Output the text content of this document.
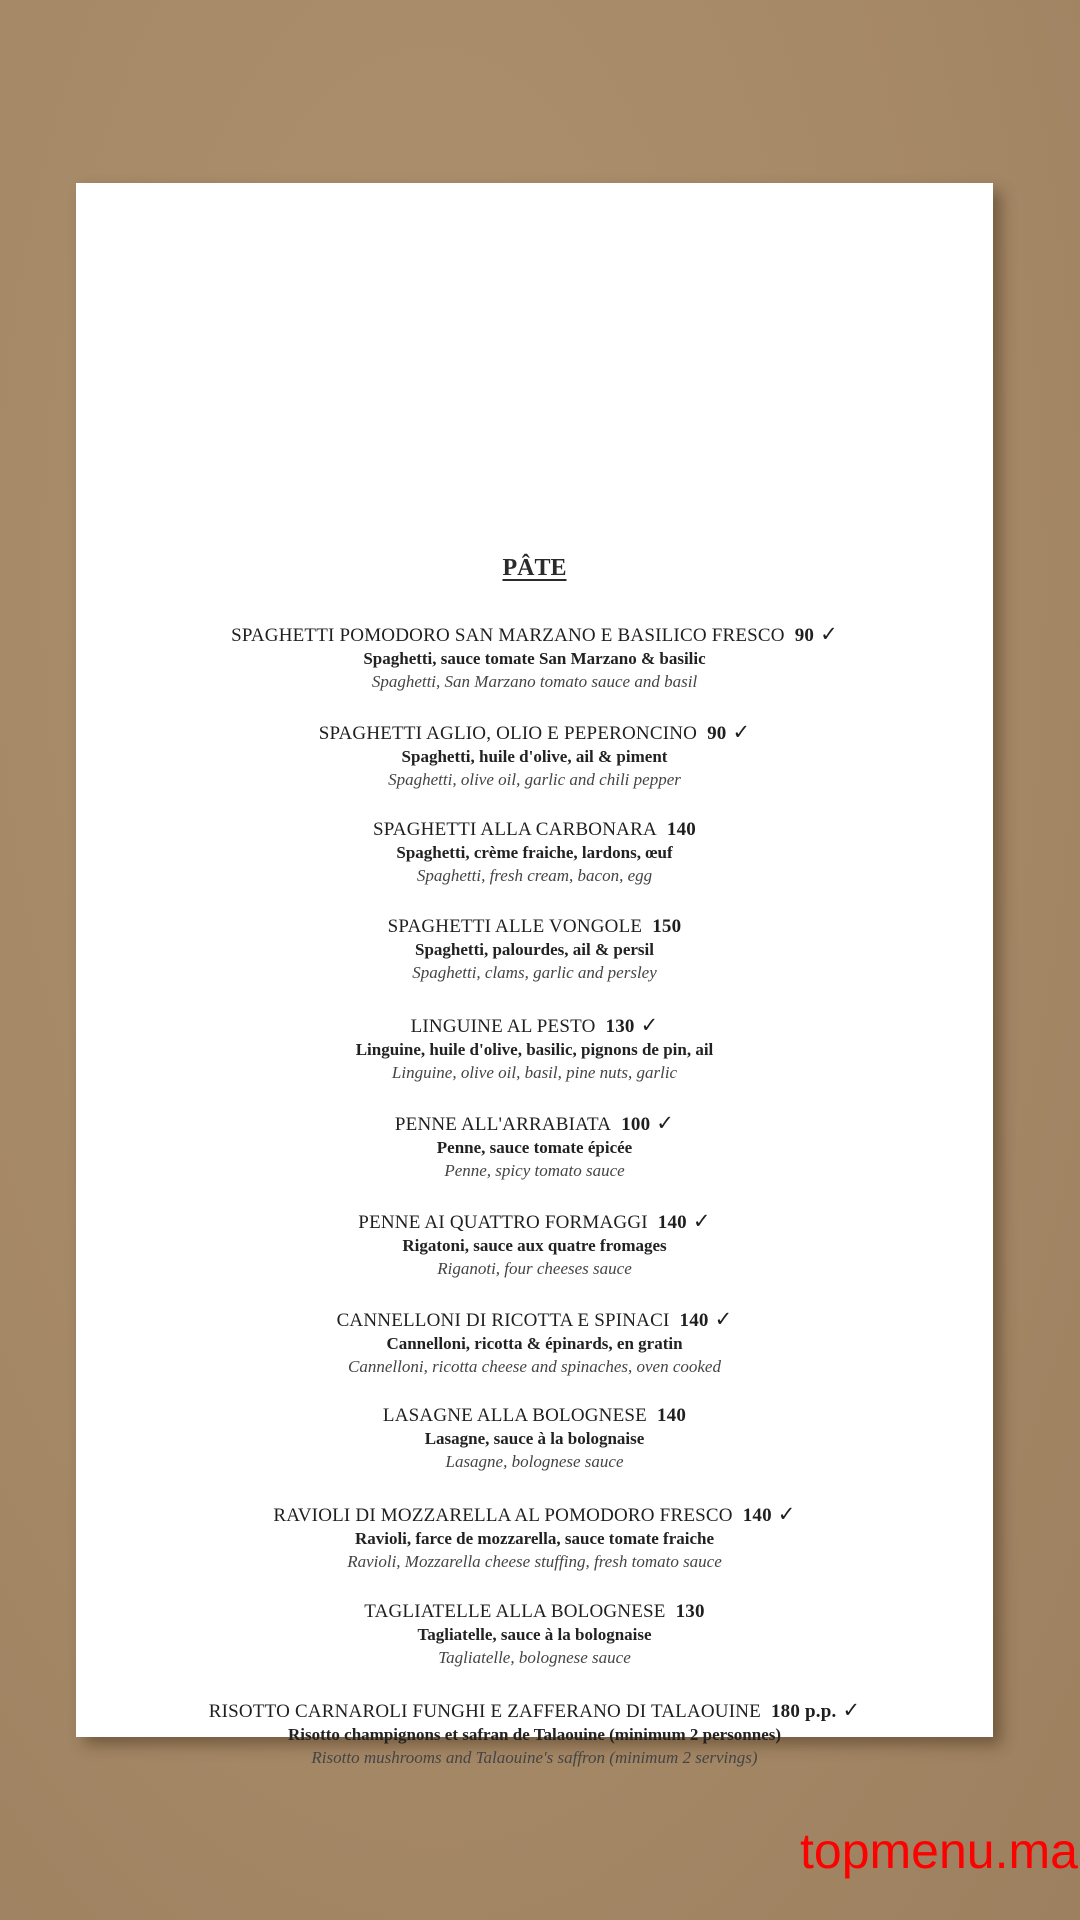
PÂTE
SPAGHETTI POMODORO SAN MARZANO E BASILICO FRESCO 90 ✓
Spaghetti, sauce tomate San Marzano & basilic
Spaghetti, San Marzano tomato sauce and basil
SPAGHETTI AGLIO, OLIO E PEPERONCINO 90 ✓
Spaghetti, huile d'olive, ail & piment
Spaghetti, olive oil, garlic and chili pepper
SPAGHETTI ALLA CARBONARA 140
Spaghetti, crème fraiche, lardons, œuf
Spaghetti, fresh cream, bacon, egg
SPAGHETTI ALLE VONGOLE 150
Spaghetti, palourdes, ail & persil
Spaghetti, clams, garlic and persley
LINGUINE AL PESTO 130 ✓
Linguine, huile d'olive, basilic, pignons de pin, ail
Linguine, olive oil, basil, pine nuts, garlic
PENNE ALL'ARRABIATA 100 ✓
Penne, sauce tomate épicée
Penne, spicy tomato sauce
PENNE AI QUATTRO FORMAGGI 140 ✓
Rigatoni, sauce aux quatre fromages
Riganoti, four cheeses sauce
CANNELLONI DI RICOTTA E SPINACI 140 ✓
Cannelloni, ricotta & épinards, en gratin
Cannelloni, ricotta cheese and spinaches, oven cooked
LASAGNE ALLA BOLOGNESE 140
Lasagne, sauce à la bolognaise
Lasagne, bolognese sauce
RAVIOLI DI MOZZARELLA AL POMODORO FRESCO 140 ✓
Ravioli, farce de mozzarella, sauce tomate fraiche
Ravioli, Mozzarella cheese stuffing, fresh tomato sauce
TAGLIATELLE ALLA BOLOGNESE 130
Tagliatelle, sauce à la bolognaise
Tagliatelle, bolognese sauce
RISOTTO CARNAROLI FUNGHI E ZAFFERANO DI TALAOUINE 180 p.p. ✓
Risotto champignons et safran de Talaouine (minimum 2 personnes)
Risotto mushrooms and Talaouine's saffron (minimum 2 servings)
topmenu.ma
